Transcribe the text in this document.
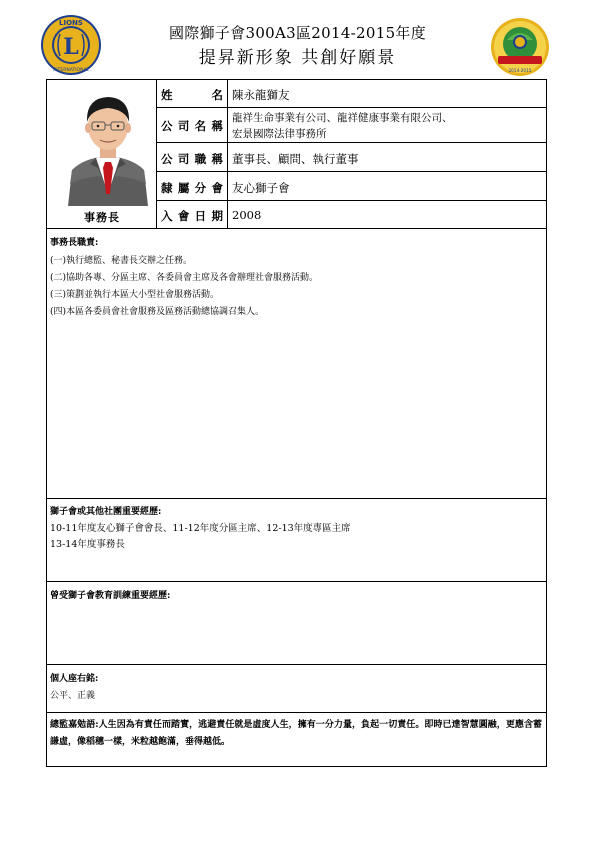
L
LIONS
INTERNATIONAL
國際獅子會300A3區2014-2015年度
提昇新形象 共創好願景
2014-2015
事務長
姓名 陳永龍獅友
公司名稱
龍祥生命事業有公司、龍祥健康事業有限公司、
宏景國際法律事務所
公司職稱 董事長、顧問、執行董事
隸屬分會 友心獅子會
入會日期 2008
事務長職責:
(一)執行總監、秘書長交辦之任務。
(二)協助各專、分區主席、各委員會主席及各會辦理社會服務活動。
(三)策劃並執行本區大小型社會服務活動。
(四)本區各委員會社會服務及區務活動總協調召集人。
獅子會或其他社團重要經歷:
10-11年度友心獅子會會長、11-12年度分區主席、12-13年度專區主席
13-14年度事務長
曾受獅子會教育訓練重要經歷:
個人座右銘:
公平、正義
總監嘉勉語:人生因為有責任而踏實，逃避責任就是虛度人生，擁有一分力量，負起一切責任。即時已達智慧圓融，更應含蓄謙虛，像稻穗一樣，米粒越飽滿，垂得越低。
